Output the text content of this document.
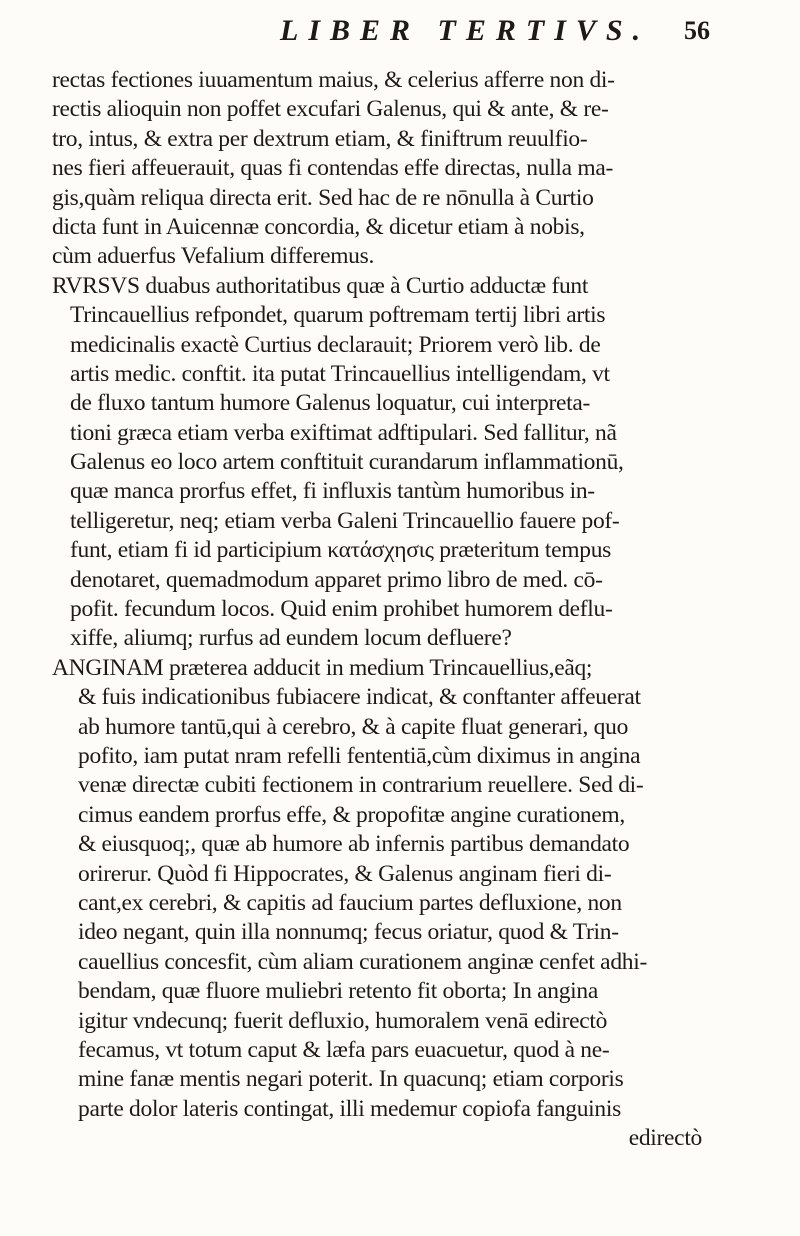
LIBER TERTIVS. 56
rectas fectiones iuuamentum maius, & celerius afferre non di-
rectis alioquin non poffet excufari Galenus, qui & ante, & re-
tro, intus, & extra per dextrum etiam, & finiftrum reuulfio-
nes fieri affeuerauit, quas fi contendas effe directas, nulla ma-
gis,quàm reliqua directa erit. Sed hac de re nōnulla à Curtio
dicta funt in Auicennæ concordia, & dicetur etiam à nobis,
cùm aduerfus Vefalium differemus.
RVRSVS duabus authoritatibus quæ à Curtio adductæ funt
Trincauellius refpondet, quarum poftremam tertij libri artis
medicinalis exactè Curtius declarauit; Priorem verò lib. de
artis medic. conftit. ita putat Trincauellius intelligendam, vt
de fluxo tantum humore Galenus loquatur, cui interpreta-
tioni græca etiam verba exiftimat adftipulari. Sed fallitur, nã
Galenus eo loco artem conftituit curandarum inflammationū,
quæ manca prorfus effet, fi influxis tantùm humoribus in-
telligeretur, neq; etiam verba Galeni Trincauellio fauere pof-
funt, etiam fi id participium κατάσχησις præteritum tempus
denotaret, quemadmodum apparet primo libro de med. cō-
pofit. fecundum locos. Quid enim prohibet humorem deflu-
xiffe, aliumq; rurfus ad eundem locum defluere?
ANGINAM præterea adducit in medium Trincauellius,eãq;
& fuis indicationibus fubiacere indicat, & conftanter affeuerat
ab humore tantū,qui à cerebro, & à capite fluat generari, quo
pofito, iam putat nram refelli fententiā,cùm diximus in angina
venæ directæ cubiti fectionem in contrarium reuellere. Sed di-
cimus eandem prorfus effe, & propofitæ angine curationem,
& eiusquoq;, quæ ab humore ab infernis partibus demandato
orirerur. Quòd fi Hippocrates, & Galenus anginam fieri di-
cant,ex cerebri, & capitis ad faucium partes defluxione, non
ideo negant, quin illa nonnumq; fecus oriatur, quod & Trin-
cauellius concesfit, cùm aliam curationem anginæ cenfet adhi-
bendam, quæ fluore muliebri retento fit oborta; In angina
igitur vndecunq; fuerit defluxio, humoralem venā edirectò
fecamus, vt totum caput & læfa pars euacuetur, quod à ne-
mine fanæ mentis negari poterit. In quacunq; etiam corporis
parte dolor lateris contingat, illi medemur copiofa fanguinis
edirectò
